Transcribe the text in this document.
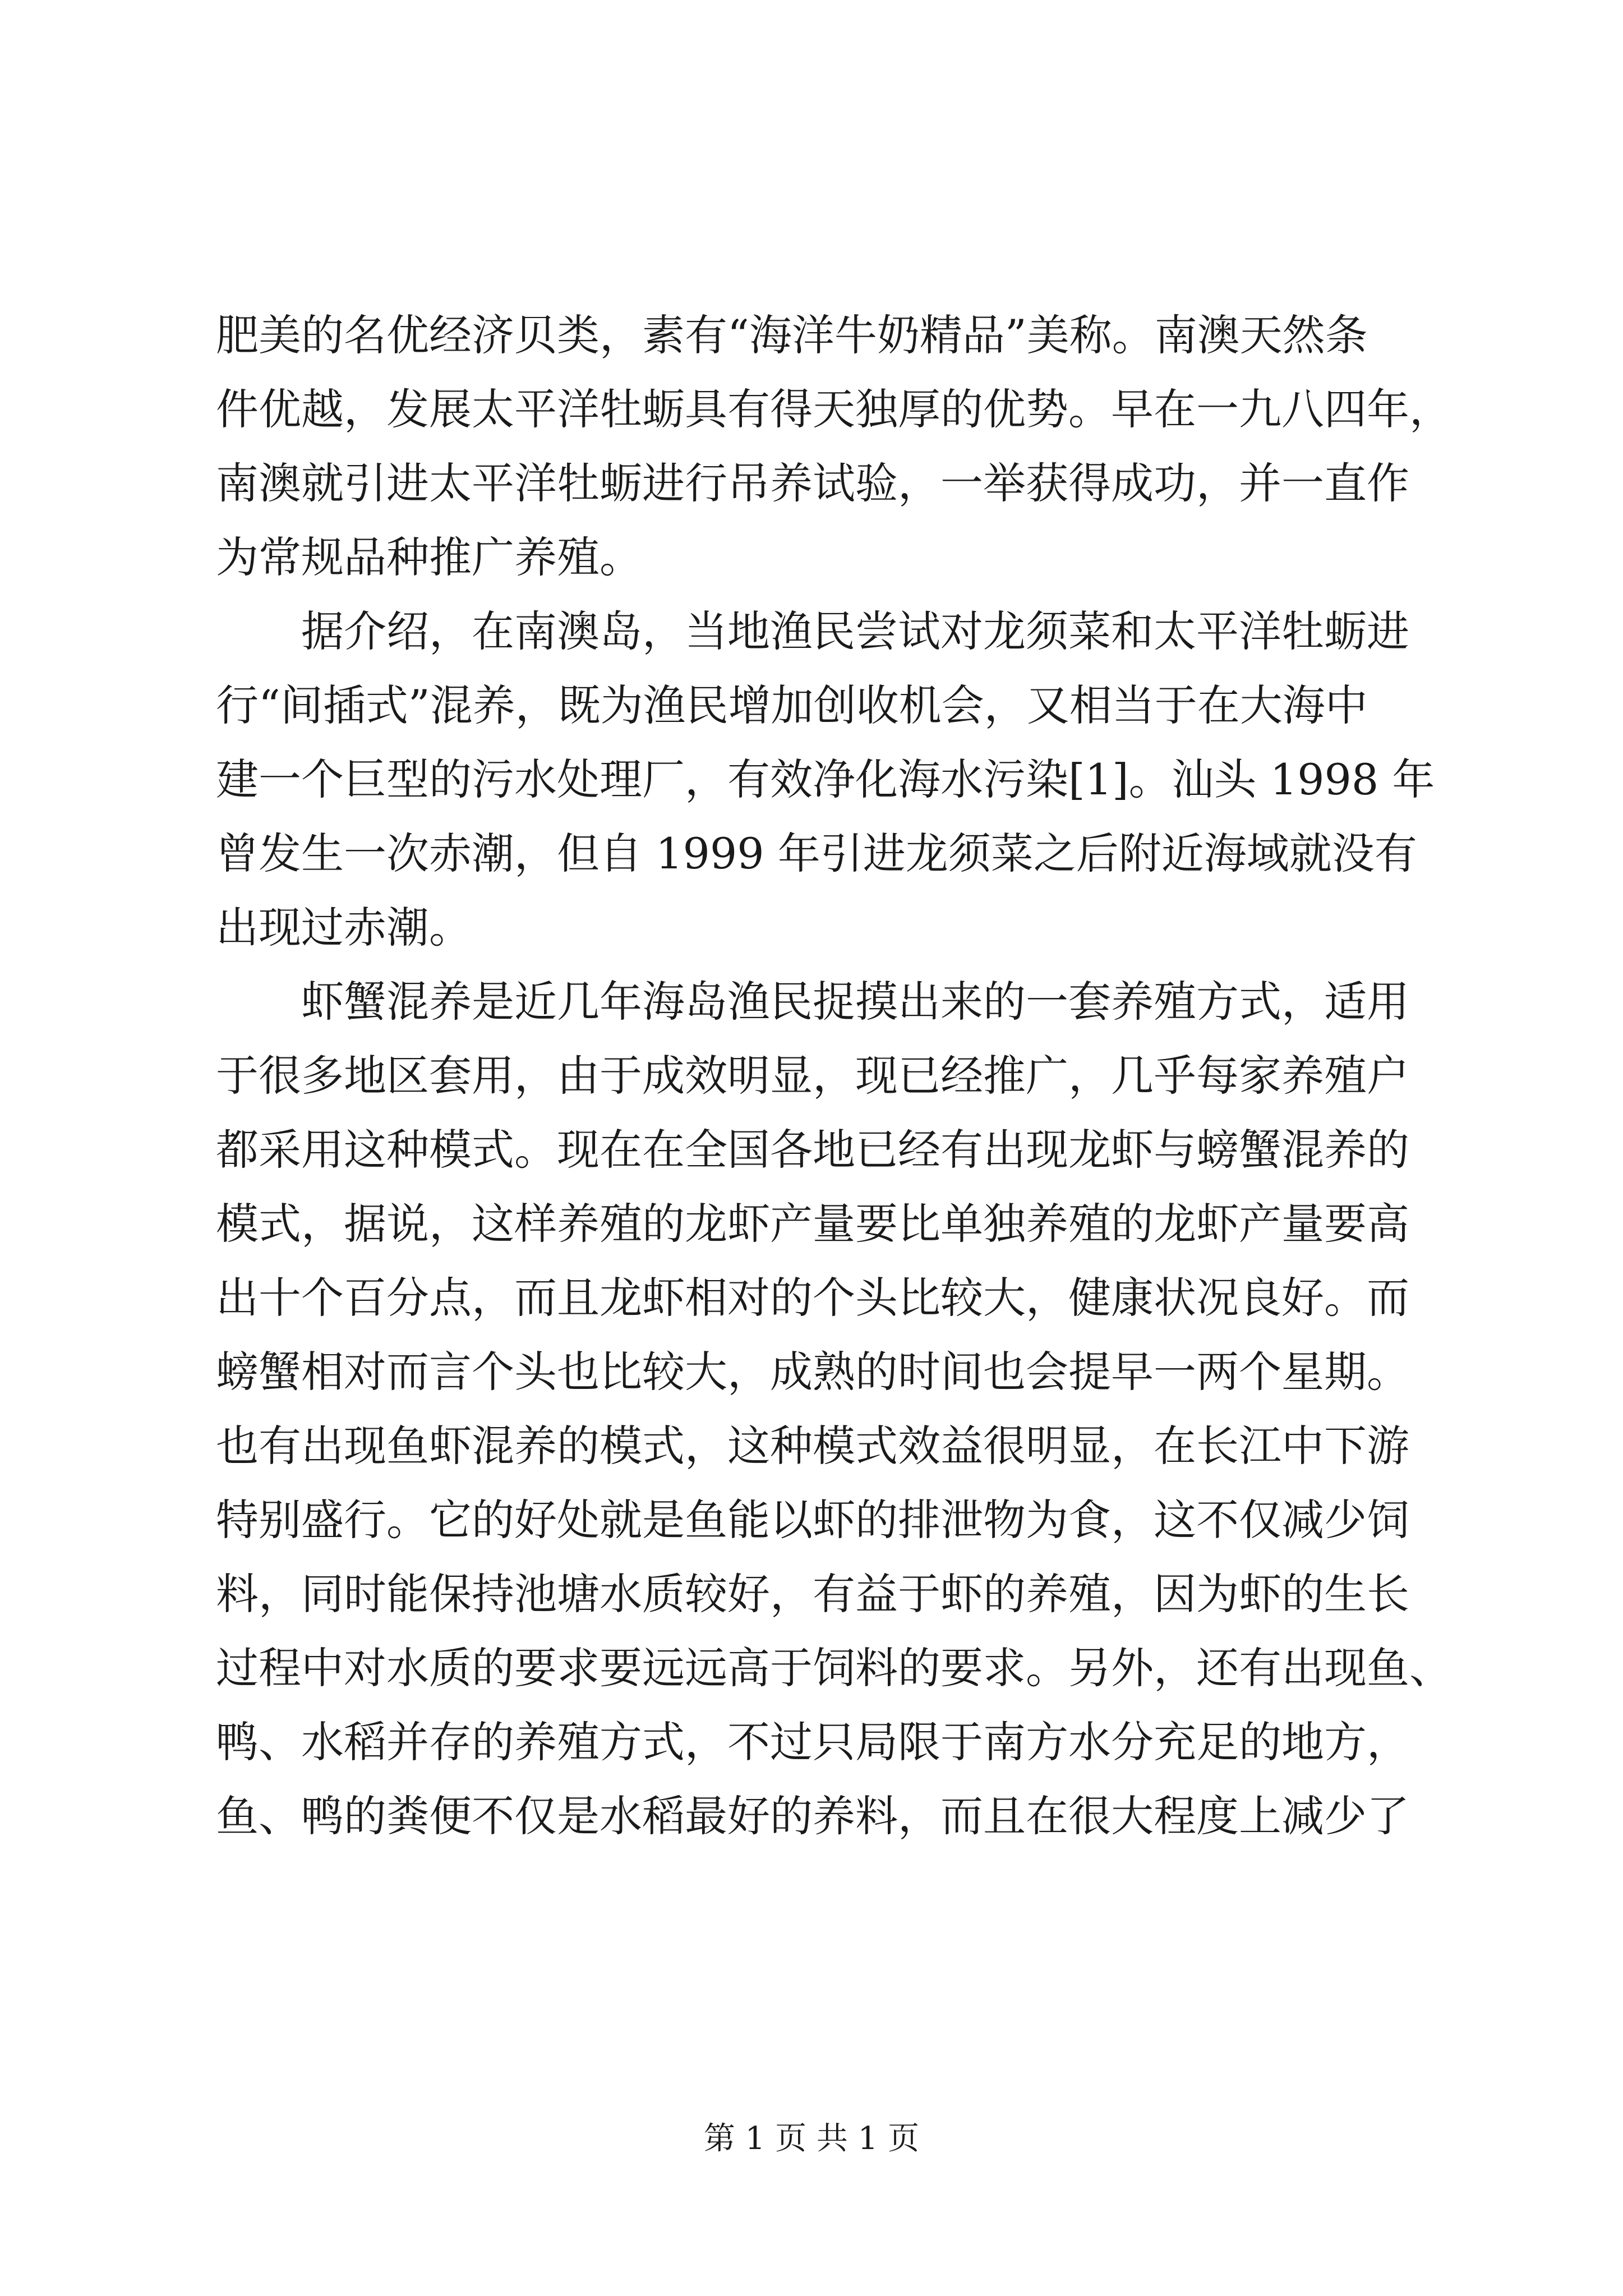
肥美的名优经济贝类，素有“海洋牛奶精品”美称。南澳天然条
件优越，发展太平洋牡蛎具有得天独厚的优势。早在一九八四年，
南澳就引进太平洋牡蛎进行吊养试验，一举获得成功，并一直作
为常规品种推广养殖。
据介绍，在南澳岛，当地渔民尝试对龙须菜和太平洋牡蛎进
行“间插式”混养，既为渔民增加创收机会，又相当于在大海中
建一个巨型的污水处理厂，有效净化海水污染[1]。汕头 1998 年
曾发生一次赤潮，但自 1999 年引进龙须菜之后附近海域就没有
出现过赤潮。
虾蟹混养是近几年海岛渔民捉摸出来的一套养殖方式，适用
于很多地区套用，由于成效明显，现已经推广，几乎每家养殖户
都采用这种模式。现在在全国各地已经有出现龙虾与螃蟹混养的
模式，据说，这样养殖的龙虾产量要比单独养殖的龙虾产量要高
出十个百分点，而且龙虾相对的个头比较大，健康状况良好。而
螃蟹相对而言个头也比较大，成熟的时间也会提早一两个星期。
也有出现鱼虾混养的模式，这种模式效益很明显，在长江中下游
特别盛行。它的好处就是鱼能以虾的排泄物为食，这不仅减少饲
料，同时能保持池塘水质较好，有益于虾的养殖，因为虾的生长
过程中对水质的要求要远远高于饲料的要求。另外，还有出现鱼、
鸭、水稻并存的养殖方式，不过只局限于南方水分充足的地方，
鱼、鸭的粪便不仅是水稻最好的养料，而且在很大程度上减少了
第 1 页 共 1 页
